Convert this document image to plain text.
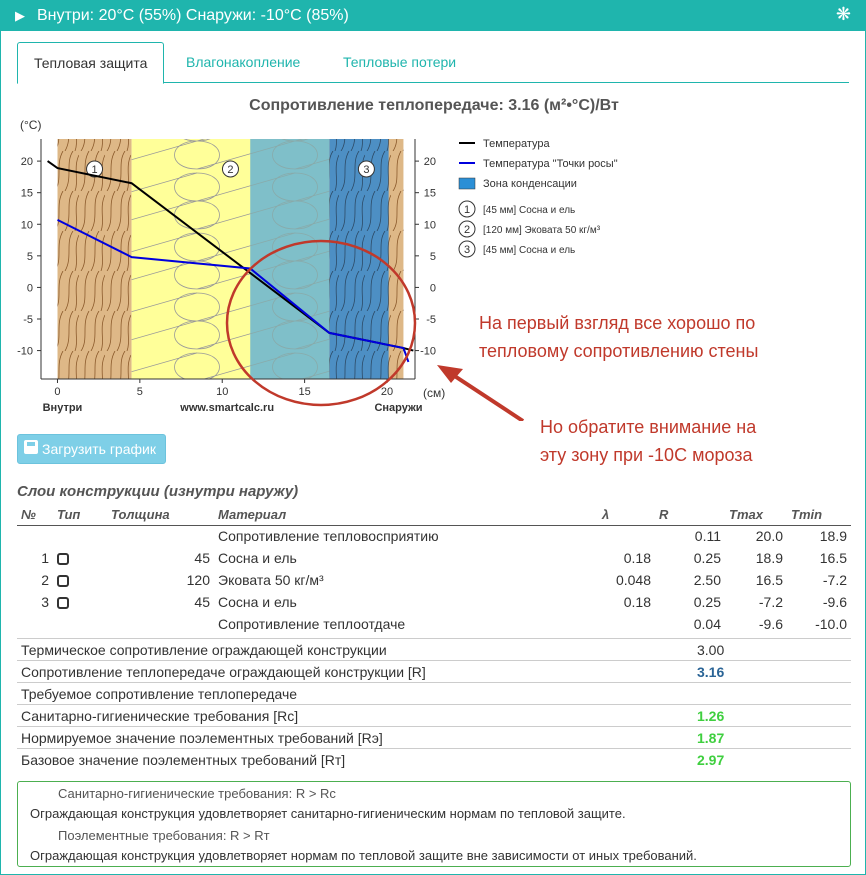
▶ Внутри: 20°C (55%) Снаружи: -10°C (85%)	❋
Тепловая защита	Влагонакопление	Тепловые потери
Сопротивление теплопередаче: 3.16 (м²•°C)/Вт
1	2	3
20	20
15	15
10	10
5	5
0	0
-5	-5
-10	-10
0	5	10	15	20
(°C)
(см)
Внутри	www.smartcalc.ru	Снаружи
Температура
Температура "Точки росы"
Зона конденсации
1 [45 мм] Сосна и ель
2 [120 мм] Эковата 50 кг/м³
3 [45 мм] Сосна и ель
На первый взгляд все хорошо по
тепловому сопротивлению стены
Но обратите внимание на
эту зону при -10С мороза
Загрузить график
Слои конструкции (изнутри наружу)
№	Тип	Толщина	Материал	λ	R	Tmax	Tmin
			Сопротивление тепловосприятию		0.11	20.0	18.9
1		45	Сосна и ель	0.18	0.25	18.9	16.5
2		120	Эковата 50 кг/м³	0.048	2.50	16.5	-7.2
3		45	Сосна и ель	0.18	0.25	-7.2	-9.6
			Сопротивление теплоотдаче		0.04	-9.6	-10.0
Термическое сопротивление ограждающей конструкции	3.00	
Сопротивление теплопередаче ограждающей конструкции [R]	3.16	
Требуемое сопротивление теплопередаче		
Санитарно-гигиенические требования [Rc]	1.26	
Нормируемое значение поэлементных требований [Rэ]	1.87	
Базовое значение поэлементных требований [Rт]	2.97	
Санитарно-гигиенические требования: R > Rc
Ограждающая конструкция удовлетворяет санитарно-гигиеническим нормам по тепловой защите.
Поэлементные требования: R > Rт
Ограждающая конструкция удовлетворяет нормам по тепловой защите вне зависимости от иных требований.
